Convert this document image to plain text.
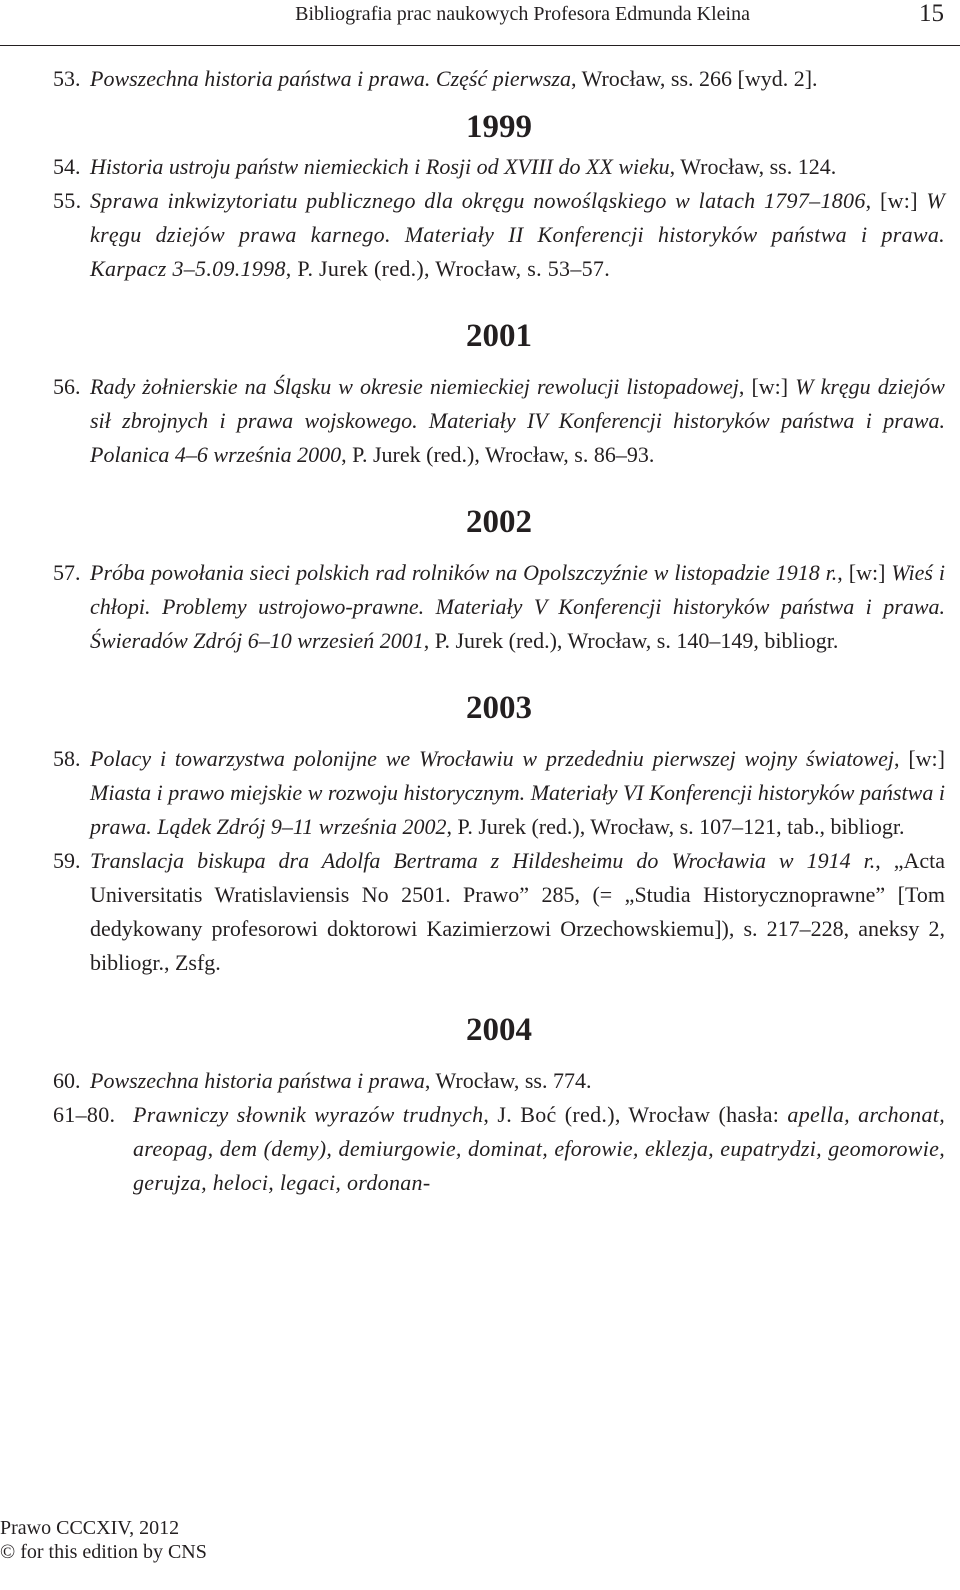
Bibliografia prac naukowych Profesora Edmunda Kleina	15

53. Powszechna historia państwa i prawa. Część pierwsza, Wrocław, ss. 266 [wyd. 2].

1999

54. Historia ustroju państw niemieckich i Rosji od XVIII do XX wieku, Wrocław, ss. 124.

55. Sprawa inkwizytoriatu publicznego dla okręgu nowośląskiego w latach 1797–1806, [w:] W kręgu dziejów prawa karnego. Materiały II Konferencji historyków państwa i prawa. Karpacz 3–5.09.1998, P. Jurek (red.), Wrocław, s. 53–57.

2001

56. Rady żołnierskie na Śląsku w okresie niemieckiej rewolucji listopadowej, [w:] W kręgu dziejów sił zbrojnych i prawa wojskowego. Materiały IV Konferencji historyków państwa i prawa. Polanica 4–6 września 2000, P. Jurek (red.), Wrocław, s. 86–93.

2002

57. Próba powołania sieci polskich rad rolników na Opolszczyźnie w listopadzie 1918 r., [w:] Wieś i chłopi. Problemy ustrojowo-prawne. Materiały V Konferencji historyków państwa i prawa. Świeradów Zdrój 6–10 wrzesień 2001, P. Jurek (red.), Wrocław, s. 140–149, bibliogr.

2003

58. Polacy i towarzystwa polonijne we Wrocławiu w przededniu pierwszej wojny światowej, [w:] Miasta i prawo miejskie w rozwoju historycznym. Materiały VI Konferencji historyków państwa i prawa. Lądek Zdrój 9–11 września 2002, P. Jurek (red.), Wrocław, s. 107–121, tab., bibliogr.

59. Translacja biskupa dra Adolfa Bertrama z Hildesheimu do Wrocławia w 1914 r., „Acta Universitatis Wratislaviensis No 2501. Prawo” 285, (= „Studia Historycznoprawne” [Tom dedykowany profesorowi doktorowi Kazimierzowi Orzechowskiemu]), s. 217–228, aneksy 2, bibliogr., Zsfg.

2004

60. Powszechna historia państwa i prawa, Wrocław, ss. 774.

61–80. Prawniczy słownik wyrazów trudnych, J. Boć (red.), Wrocław (hasła: apella, archonat, areopag, dem (demy), demiurgowie, dominat, eforowie, eklezja, eupatrydzi, geomorowie, gerujza, heloci, legaci, ordonan-

Prawo CCCXIV, 2012
© for this edition by CNS
